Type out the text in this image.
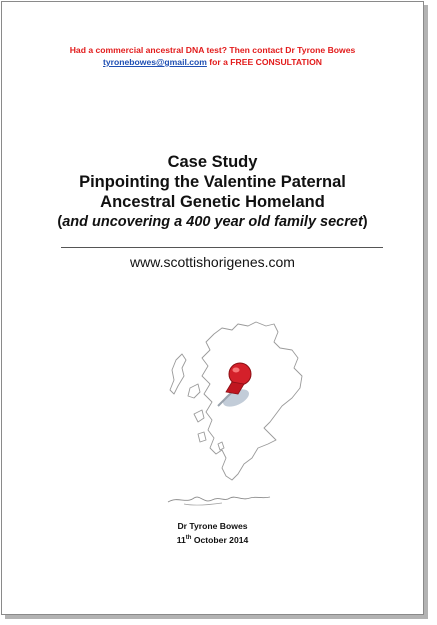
Had a commercial ancestral DNA test? Then contact Dr Tyrone Bowes
tyronebowes@gmail.com for a FREE CONSULTATION
Case Study
Pinpointing the Valentine Paternal
Ancestral Genetic Homeland
(and uncovering a 400 year old family secret)
www.scottishorigenes.com
Dr Tyrone Bowes
11th October 2014
